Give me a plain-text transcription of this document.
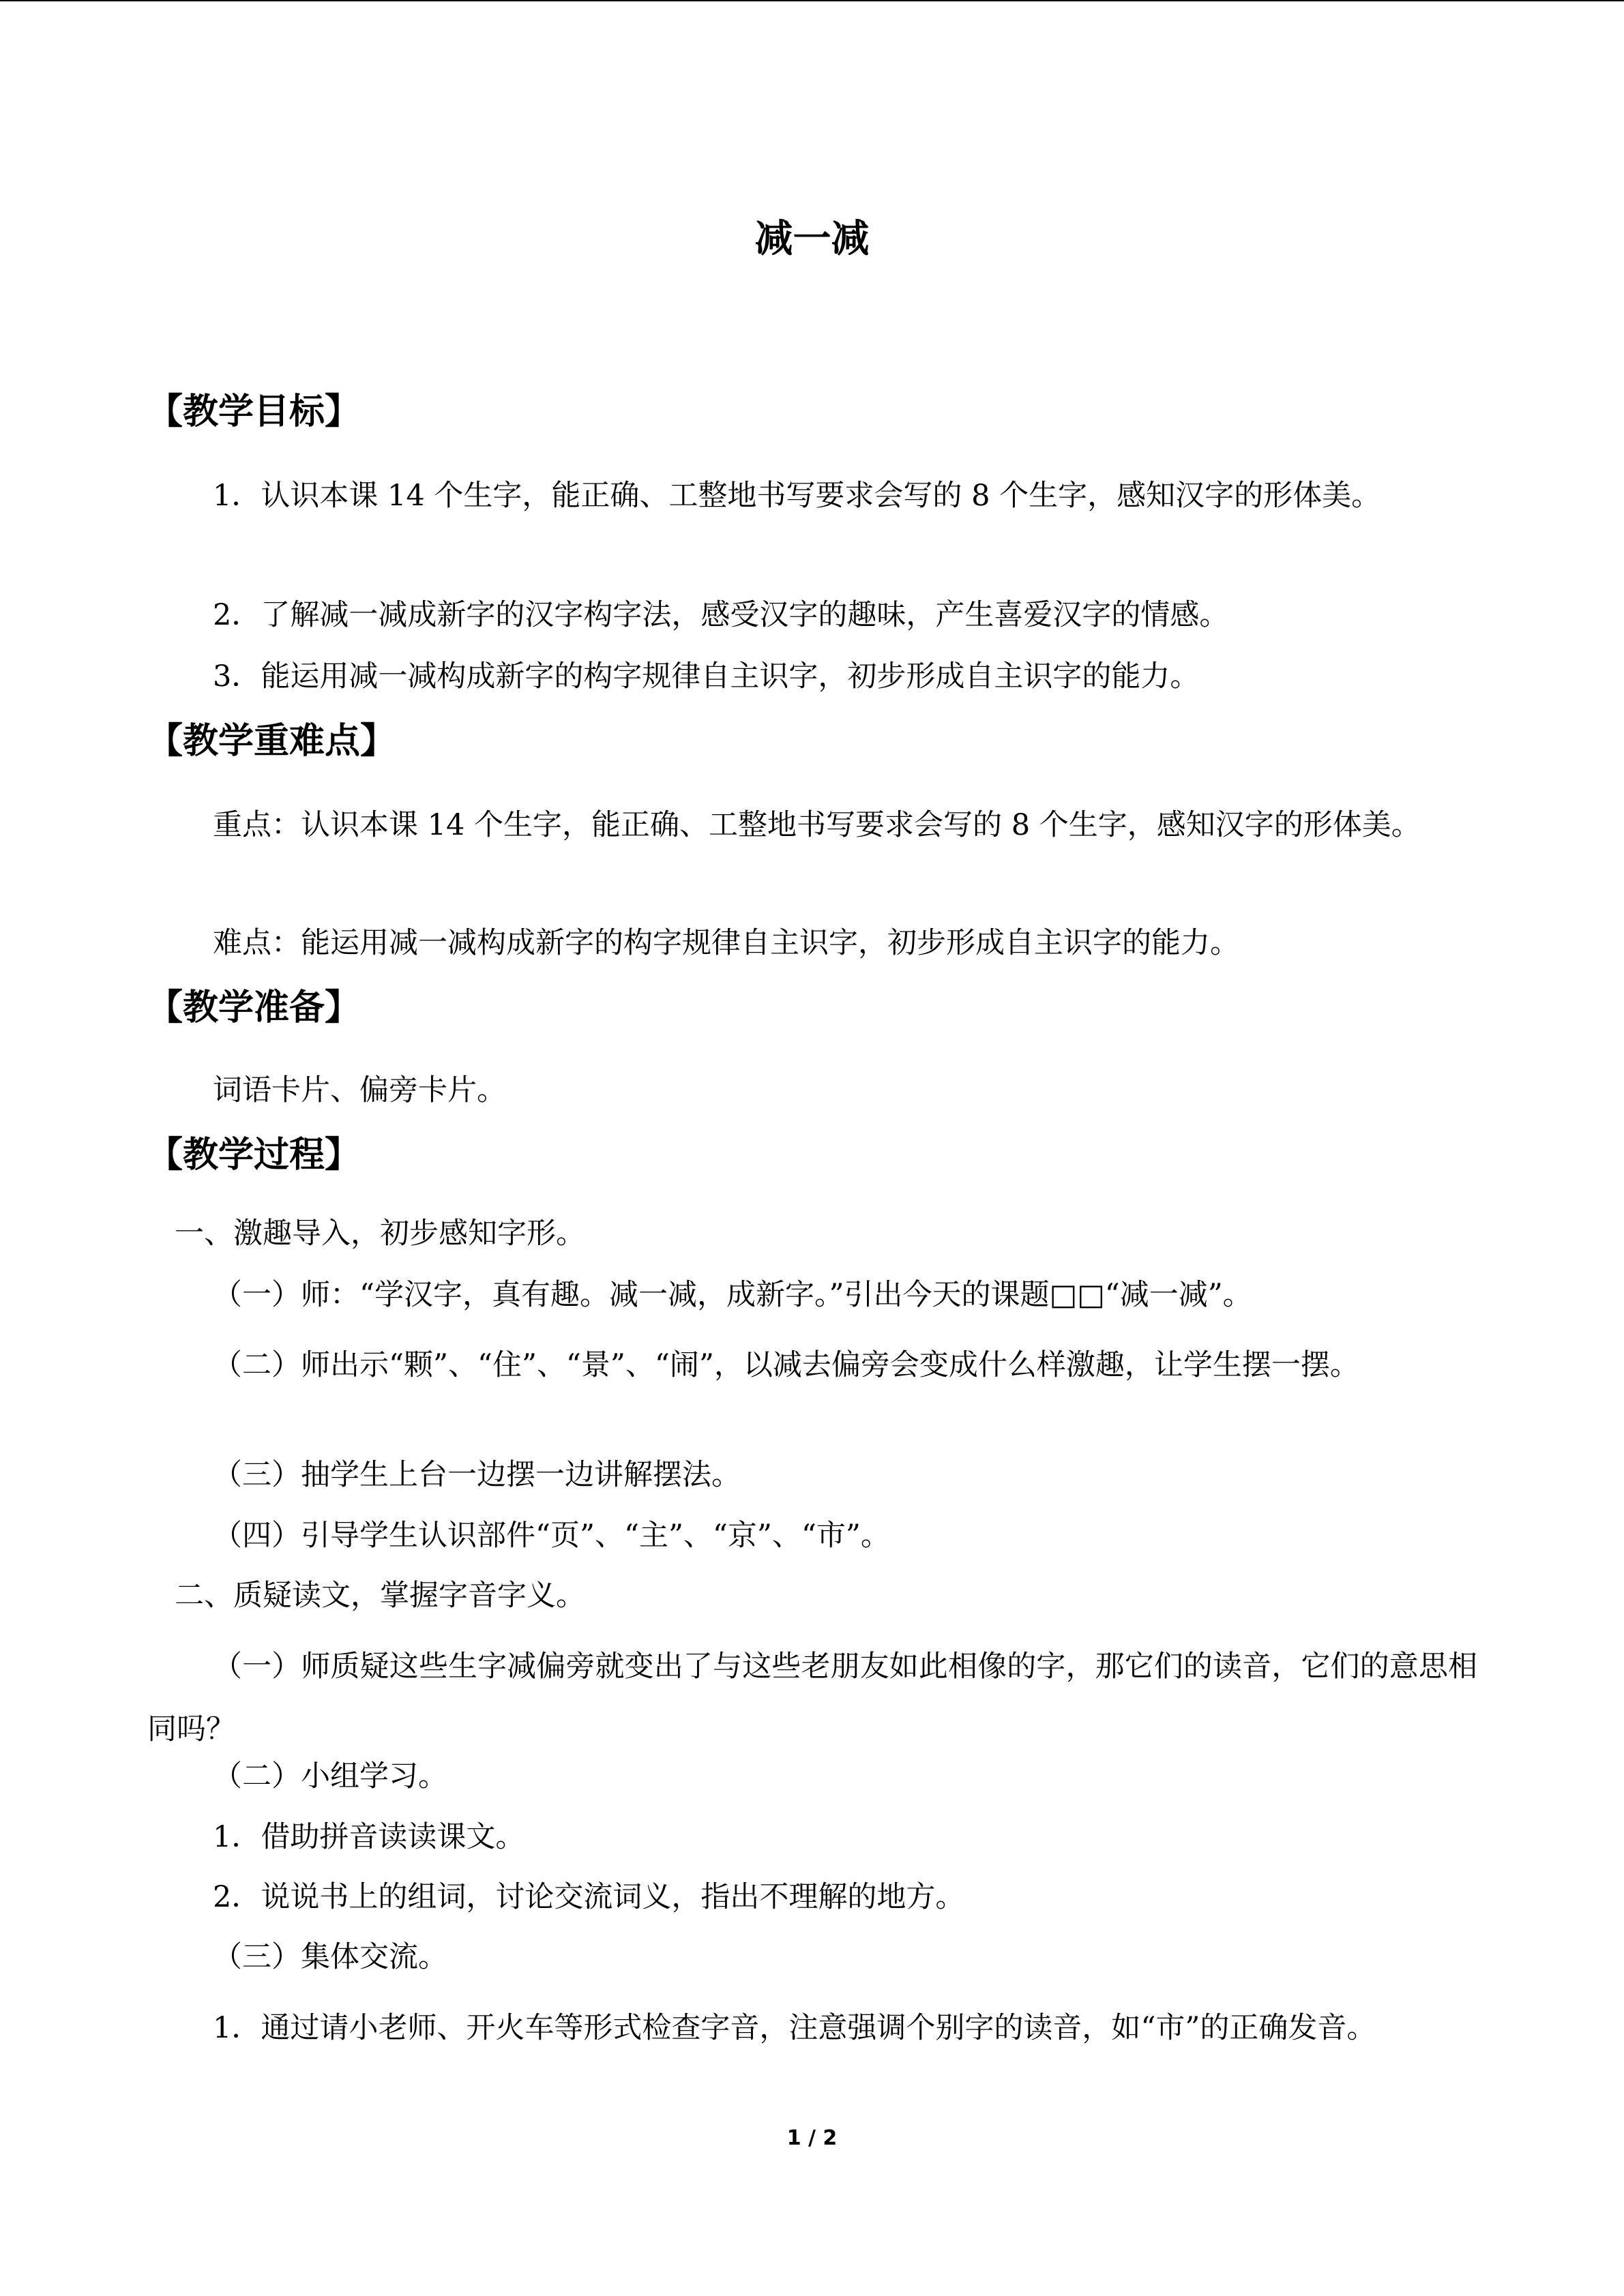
减一减
【教学目标】
1．认识本课 14 个生字，能正确、工整地书写要求会写的 8 个生字，感知汉字的形体美。
2．了解减一减成新字的汉字构字法，感受汉字的趣味，产生喜爱汉字的情感。
3．能运用减一减构成新字的构字规律自主识字，初步形成自主识字的能力。
【教学重难点】
重点：认识本课 14 个生字，能正确、工整地书写要求会写的 8 个生字，感知汉字的形体美。
难点：能运用减一减构成新字的构字规律自主识字，初步形成自主识字的能力。
【教学准备】
词语卡片、偏旁卡片。
【教学过程】
一、激趣导入，初步感知字形。
（一）师：“学汉字，真有趣。减一减，成新字。”引出今天的课题□□“减一减”。
（二）师出示“颗”、“住”、“景”、“闹”，以减去偏旁会变成什么样激趣，让学生摆一摆。
（三）抽学生上台一边摆一边讲解摆法。
（四）引导学生认识部件“页”、“主”、“京”、“市”。
二、质疑读文，掌握字音字义。
（一）师质疑这些生字减偏旁就变出了与这些老朋友如此相像的字，那它们的读音，它们的意思相同吗？
（二）小组学习。
1．借助拼音读读课文。
2．说说书上的组词，讨论交流词义，指出不理解的地方。
（三）集体交流。
1．通过请小老师、开火车等形式检查字音，注意强调个别字的读音，如“市”的正确发音。
1 / 2
